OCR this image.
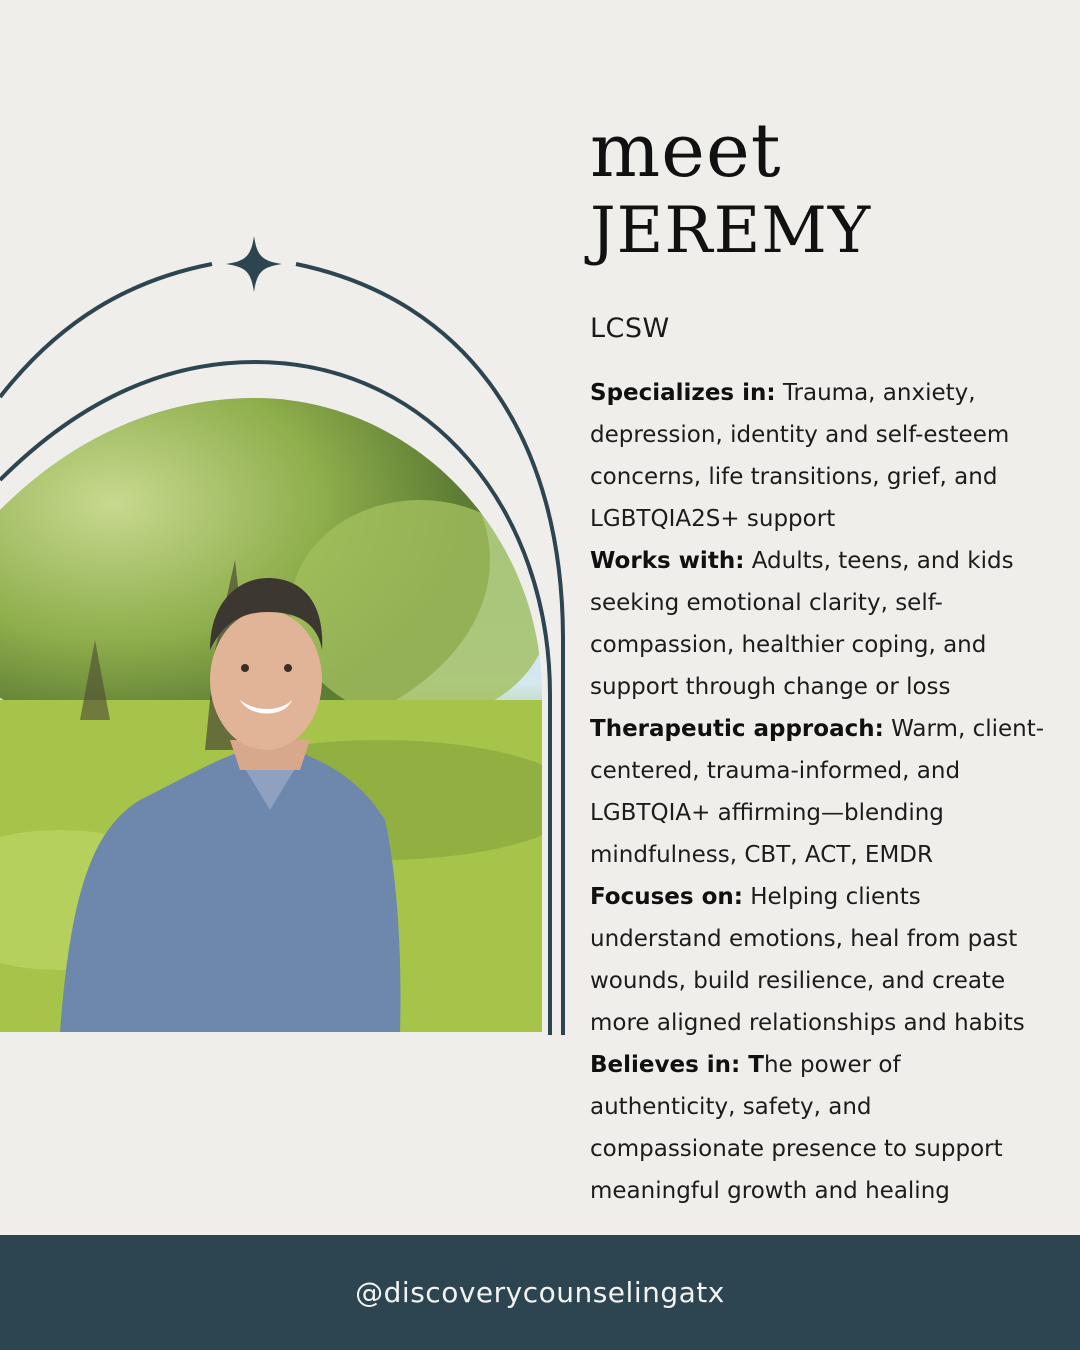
meet
JEREMY
LCSW

Specializes in: Trauma, anxiety, depression, identity and self-esteem concerns, life transitions, grief, and LGBTQIA2S+ support

Works with: Adults, teens, and kids seeking emotional clarity, self-compassion, healthier coping, and support through change or loss

Therapeutic approach: Warm, client-centered, trauma-informed, and LGBTQIA+ affirming—blending mindfulness, CBT, ACT, EMDR

Focuses on: Helping clients understand emotions, heal from past wounds, build resilience, and create more aligned relationships and habits

Believes in: The power of authenticity, safety, and compassionate presence to support meaningful growth and healing

@discoverycounselingatx
